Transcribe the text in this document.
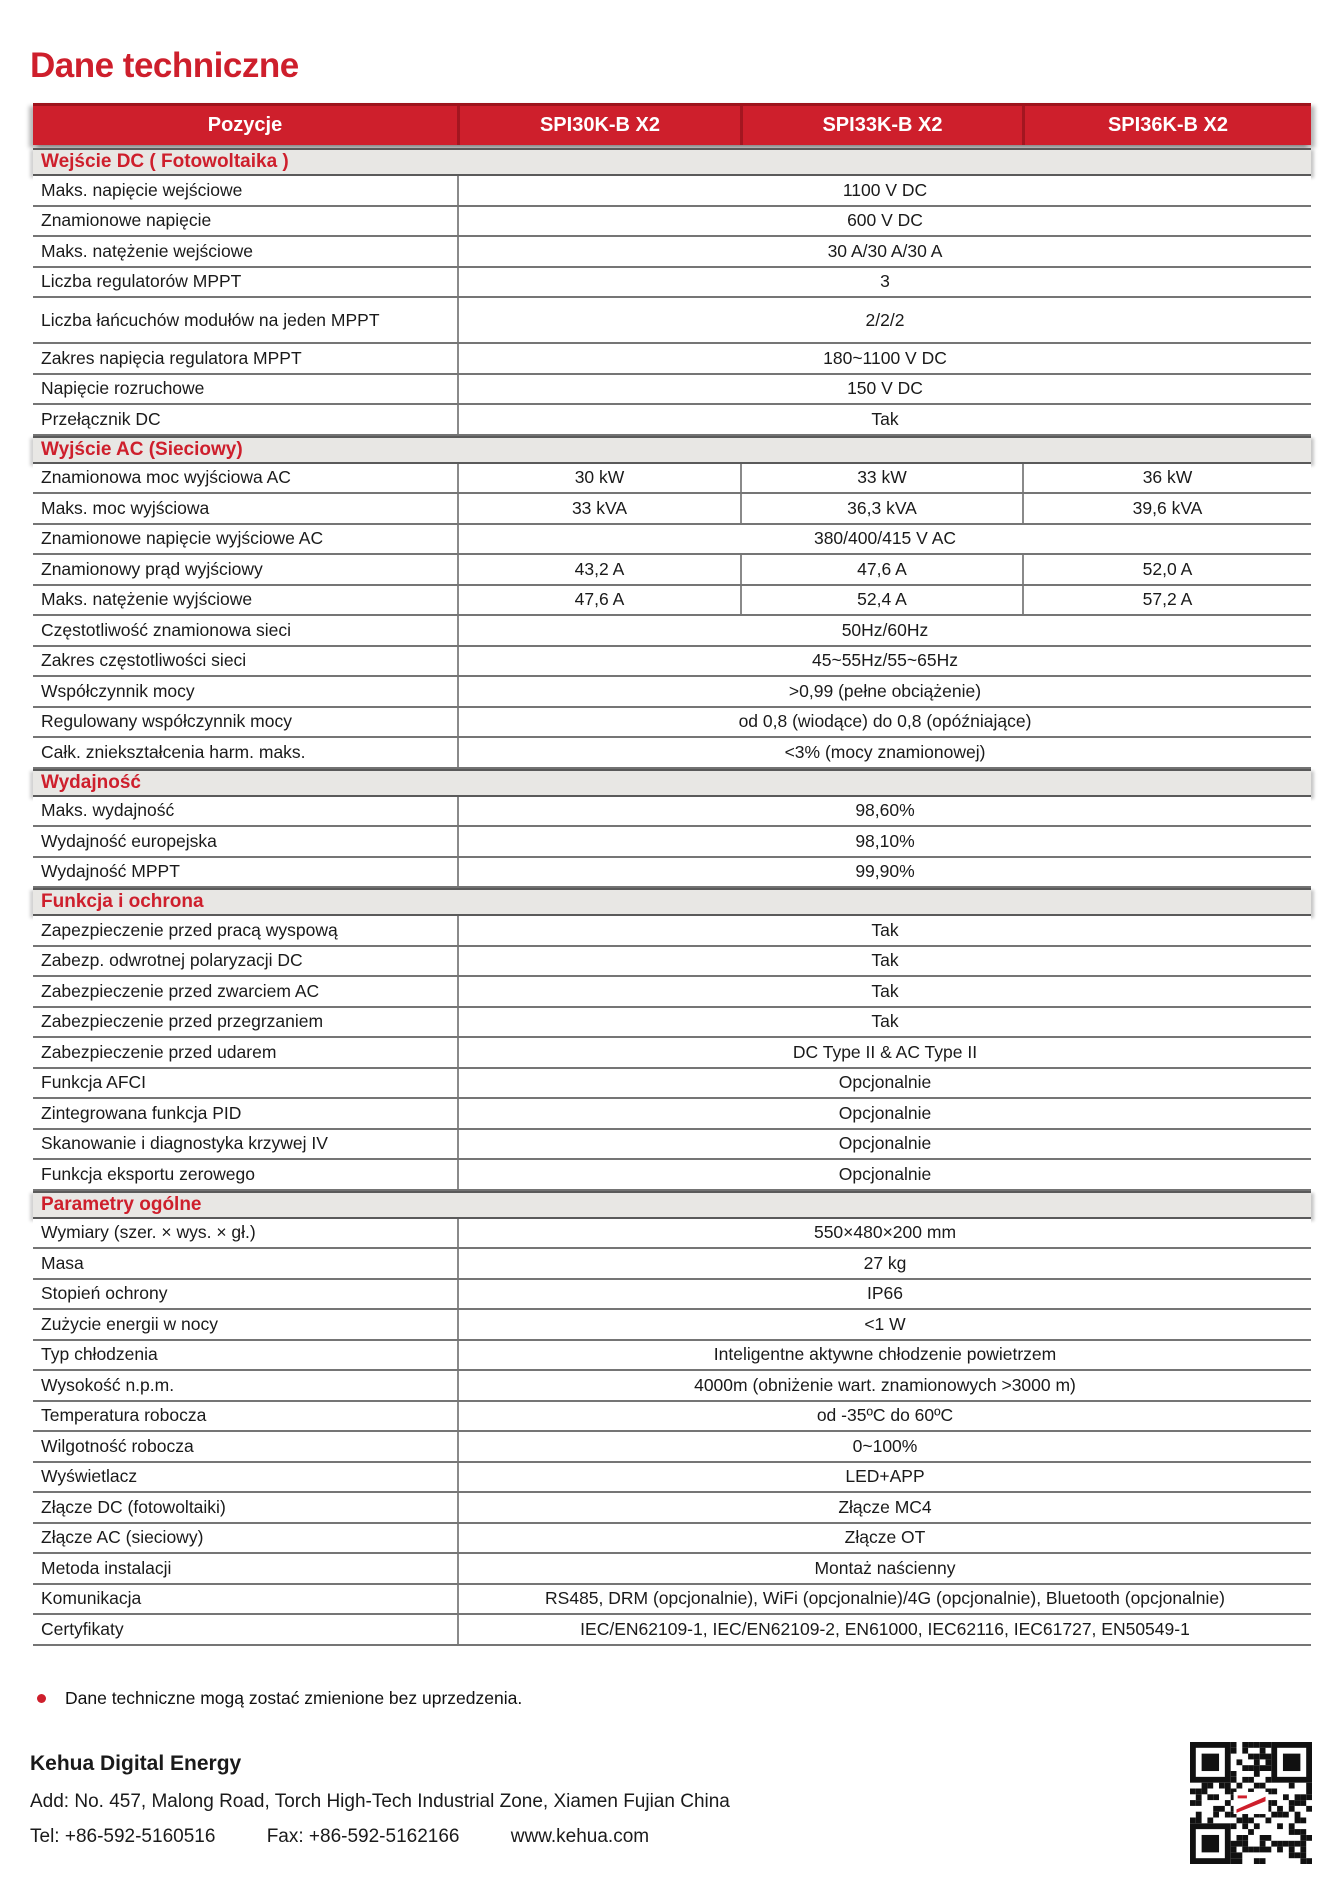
Dane techniczne
Pozycje	SPI30K-B X2	SPI33K-B X2	SPI36K-B X2
Wejście DC ( Fotowoltaika )
Maks. napięcie wejściowe	1100 V DC
Znamionowe napięcie	600 V DC
Maks. natężenie wejściowe	30 A/30 A/30 A
Liczba regulatorów MPPT	3
Liczba łańcuchów modułów na jeden MPPT	2/2/2
Zakres napięcia regulatora MPPT	180~1100 V DC
Napięcie rozruchowe	150 V DC
Przełącznik DC	Tak
Wyjście AC (Sieciowy)
Znamionowa moc wyjściowa AC	30 kW	33 kW	36 kW
Maks. moc wyjściowa	33 kVA	36,3 kVA	39,6 kVA
Znamionowe napięcie wyjściowe AC	380/400/415 V AC
Znamionowy prąd wyjściowy	43,2 A	47,6 A	52,0 A
Maks. natężenie wyjściowe	47,6 A	52,4 A	57,2 A
Częstotliwość znamionowa sieci	50Hz/60Hz
Zakres częstotliwości sieci	45~55Hz/55~65Hz
Współczynnik mocy	>0,99 (pełne obciążenie)
Regulowany współczynnik mocy	od 0,8 (wiodące) do 0,8 (opóźniające)
Całk. zniekształcenia harm. maks.	<3% (mocy znamionowej)
Wydajność
Maks. wydajność	98,60%
Wydajność europejska	98,10%
Wydajność MPPT	99,90%
Funkcja i ochrona
Zapezpieczenie przed pracą wyspową	Tak
Zabezp. odwrotnej polaryzacji DC	Tak
Zabezpieczenie przed zwarciem AC	Tak
Zabezpieczenie przed przegrzaniem	Tak
Zabezpieczenie przed udarem	DC Type II & AC Type II
Funkcja AFCI	Opcjonalnie
Zintegrowana funkcja PID	Opcjonalnie
Skanowanie i diagnostyka krzywej IV	Opcjonalnie
Funkcja eksportu zerowego	Opcjonalnie
Parametry ogólne
Wymiary (szer. × wys. × gł.)	550×480×200 mm
Masa	27 kg
Stopień ochrony	IP66
Zużycie energii w nocy	<1 W
Typ chłodzenia	Inteligentne aktywne chłodzenie powietrzem
Wysokość n.p.m.	4000m (obniżenie wart. znamionowych >3000 m)
Temperatura robocza	od -35ºC do 60ºC
Wilgotność robocza	0~100%
Wyświetlacz	LED+APP
Złącze DC (fotowoltaiki)	Złącze MC4
Złącze AC (sieciowy)	Złącze OT
Metoda instalacji	Montaż naścienny
Komunikacja	RS485, DRM (opcjonalnie), WiFi (opcjonalnie)/4G (opcjonalnie), Bluetooth (opcjonalnie)
Certyfikaty	IEC/EN62109-1, IEC/EN62109-2, EN61000, IEC62116, IEC61727, EN50549-1
Dane techniczne mogą zostać zmienione bez uprzedzenia.
Kehua Digital Energy
Add: No. 457, Malong Road, Torch High-Tech Industrial Zone, Xiamen Fujian China
Tel: +86-592-5160516	Fax: +86-592-5162166	www.kehua.com
